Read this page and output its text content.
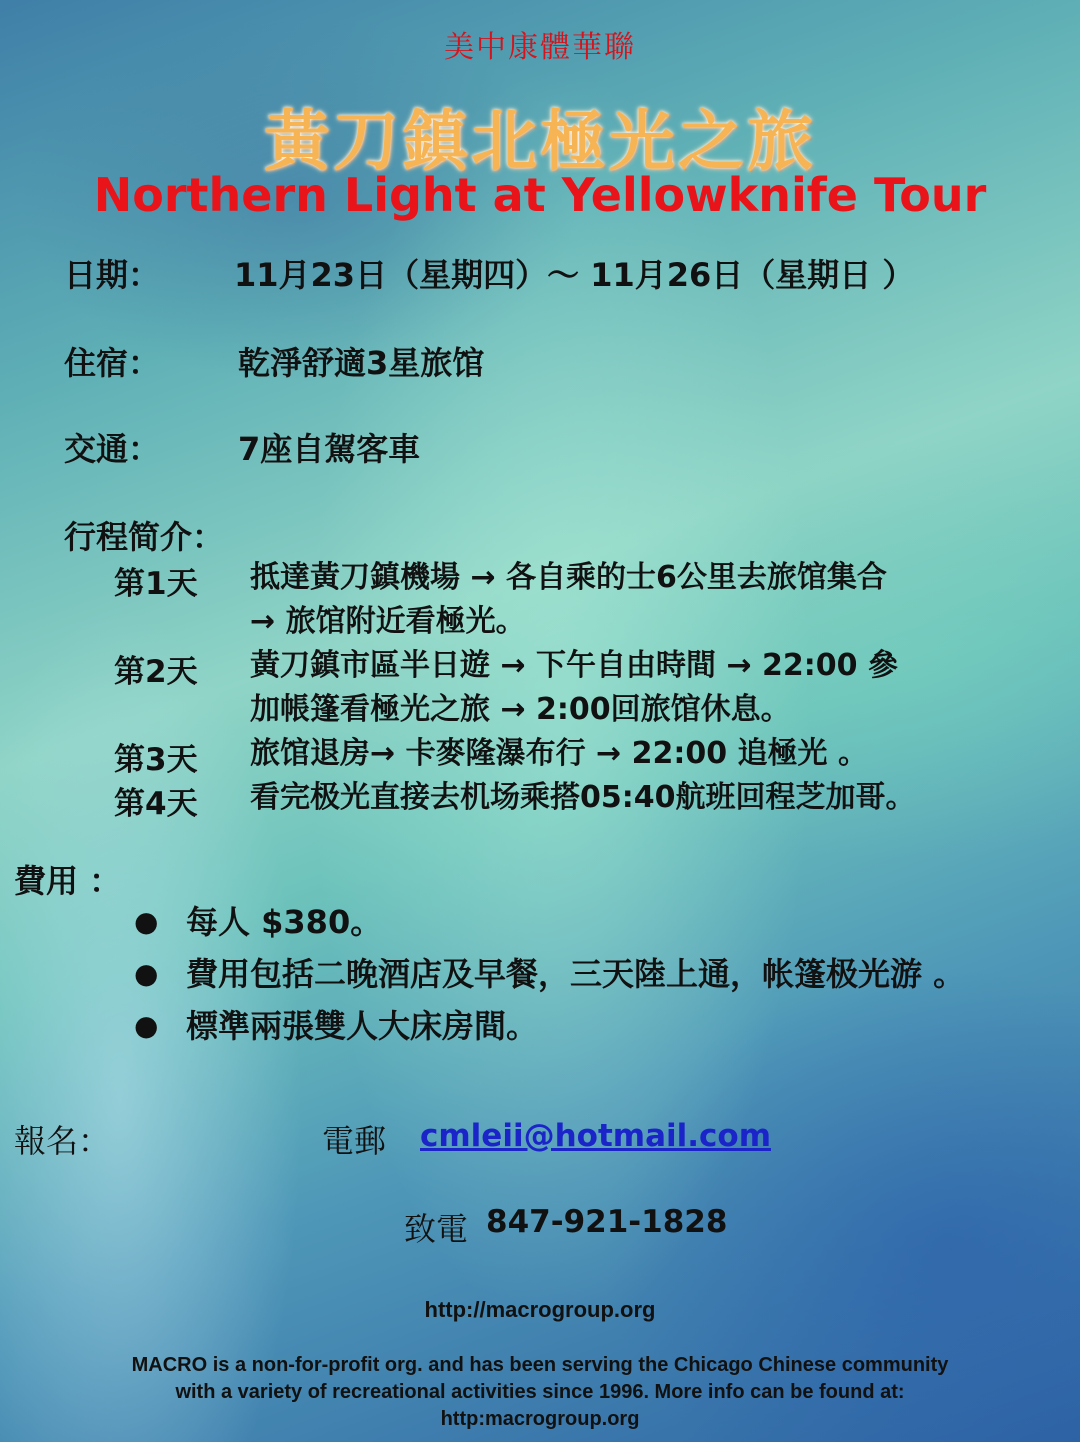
美中康體華聯
黃刀鎮北極光之旅
Northern Light at Yellowknife Tour
日期： 11月23日（星期四）～ 11月26日（星期日 ）
住宿： 乾淨舒適3星旅馆
交通： 7座自駕客車
行程简介：
第1天 抵達黃刀鎮機場 → 各自乘的士6公里去旅馆集合
→ 旅馆附近看極光。
第2天 黃刀鎮市區半日遊 → 下午自由時間 → 22:00 參
加帳篷看極光之旅 → 2:00回旅馆休息。
第3天 旅馆退房→ 卡麥隆瀑布行 → 22:00 追極光 。
第4天 看完极光直接去机场乘搭05:40航班回程芝加哥。
費用 ：
● 每人 $380。
● 費用包括二晚酒店及早餐，三天陸上通，帐篷极光游 。
● 標準兩張雙人大床房間。
報名：	電郵 cmleii@hotmail.com
致電 847-921-1828
http://macrogroup.org
MACRO is a non-for-profit org. and has been serving the Chicago Chinese community
with a variety of recreational activities since 1996. More info can be found at:
http:macrogroup.org
